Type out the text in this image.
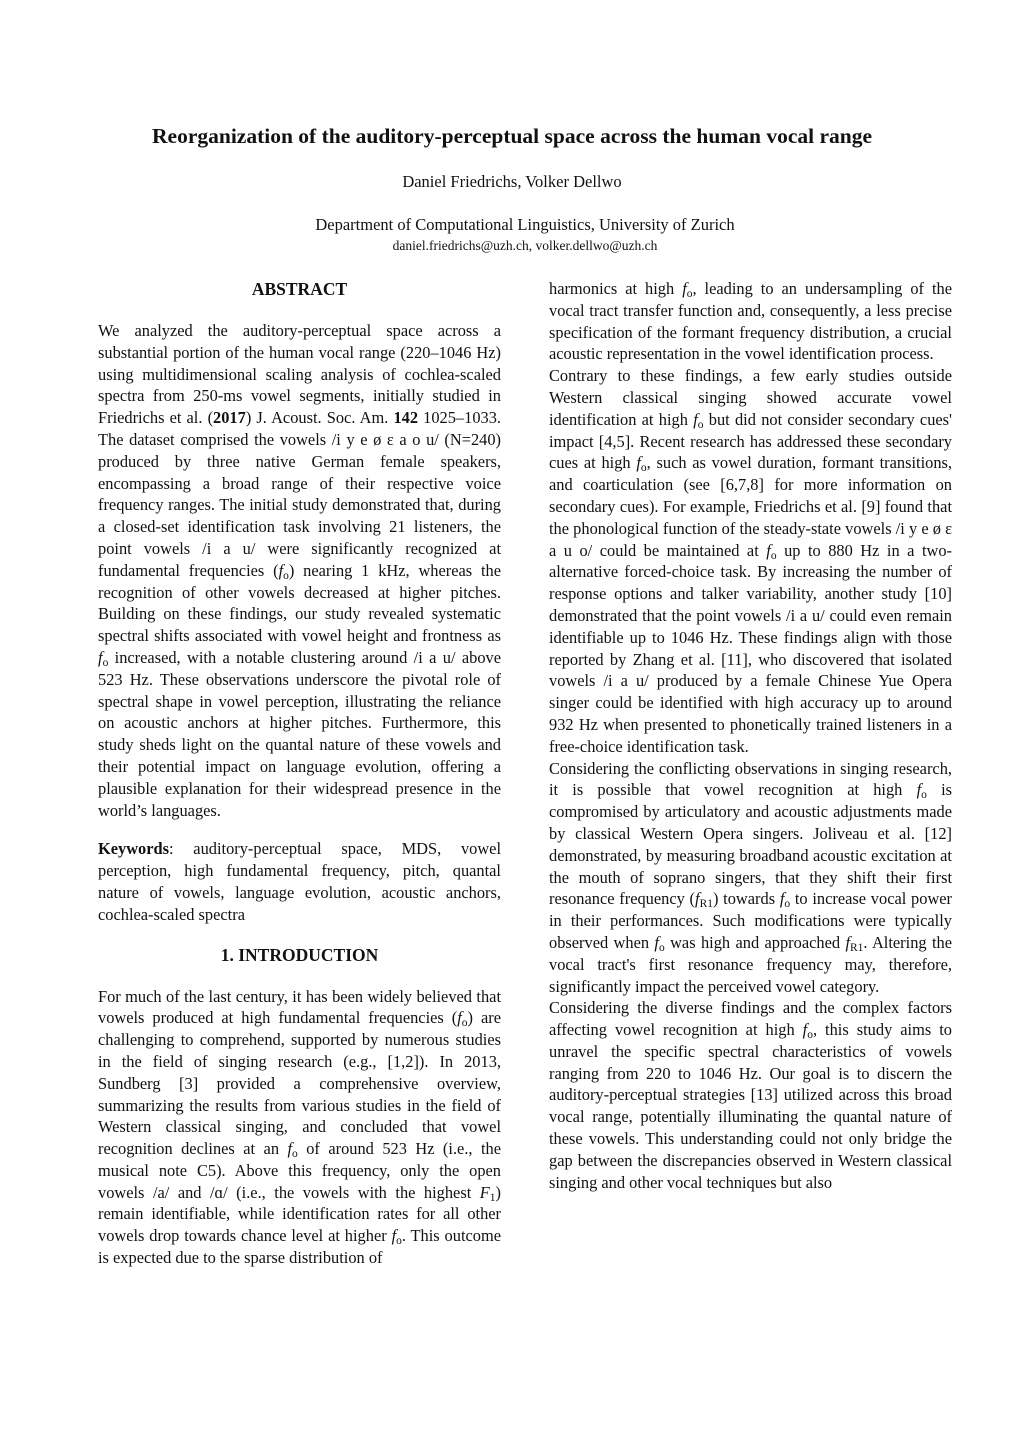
Reorganization of the auditory-perceptual space across the human vocal range
Daniel Friedrichs, Volker Dellwo
Department of Computational Linguistics, University of Zurich
daniel.friedrichs@uzh.ch, volker.dellwo@uzh.ch
ABSTRACT

We analyzed the auditory-perceptual space across a substantial portion of the human vocal range (220–1046 Hz) using multidimensional scaling analysis of cochlea-scaled spectra from 250-ms vowel segments, initially studied in Friedrichs et al. (2017) J. Acoust. Soc. Am. 142 1025–1033. The dataset comprised the vowels /i y e ø ɛ a o u/ (N=240) produced by three native German female speakers, encompassing a broad range of their respective voice frequency ranges. The initial study demonstrated that, during a closed-set identification task involving 21 listeners, the point vowels /i a u/ were significantly recognized at fundamental frequencies $(f_o)$ nearing 1 kHz, whereas the recognition of other vowels decreased at higher pitches. Building on these findings, our study revealed systematic spectral shifts associated with vowel height and frontness as $f_o$ increased, with a notable clustering around /i a u/ above 523 Hz. These observations underscore the pivotal role of spectral shape in vowel perception, illustrating the reliance on acoustic anchors at higher pitches. Furthermore, this study sheds light on the quantal nature of these vowels and their potential impact on language evolution, offering a plausible explanation for their widespread presence in the world’s languages.

Keywords: auditory-perceptual space, MDS, vowel perception, high fundamental frequency, pitch, quantal nature of vowels, language evolution, acoustic anchors, cochlea-scaled spectra

1. INTRODUCTION

For much of the last century, it has been widely believed that vowels produced at high fundamental frequencies $(f_o)$ are challenging to comprehend, supported by numerous studies in the field of singing research (e.g., [1,2]). In 2013, Sundberg [3] provided a comprehensive overview, summarizing the results from various studies in the field of Western classical singing, and concluded that vowel recognition declines at an $f_o$ of around 523 Hz (i.e., the musical note C5). Above this frequency, only the open vowels /a/ and /ɑ/ (i.e., the vowels with the highest $F_1$) remain identifiable, while identification rates for all other vowels drop towards chance level at higher $f_o$. This outcome is expected due to the sparse distribution of

harmonics at high $f_o$, leading to an undersampling of the vocal tract transfer function and, consequently, a less precise specification of the formant frequency distribution, a crucial acoustic representation in the vowel identification process.

Contrary to these findings, a few early studies outside Western classical singing showed accurate vowel identification at high $f_o$ but did not consider secondary cues' impact [4,5]. Recent research has addressed these secondary cues at high $f_o$, such as vowel duration, formant transitions, and coarticulation (see [6,7,8] for more information on secondary cues). For example, Friedrichs et al. [9] found that the phonological function of the steady-state vowels /i y e ø ɛ a u o/ could be maintained at $f_o$ up to 880 Hz in a two-alternative forced-choice task. By increasing the number of response options and talker variability, another study [10] demonstrated that the point vowels /i a u/ could even remain identifiable up to 1046 Hz. These findings align with those reported by Zhang et al. [11], who discovered that isolated vowels /i a u/ produced by a female Chinese Yue Opera singer could be identified with high accuracy up to around 932 Hz when presented to phonetically trained listeners in a free-choice identification task.

Considering the conflicting observations in singing research, it is possible that vowel recognition at high $f_o$ is compromised by articulatory and acoustic adjustments made by classical Western Opera singers. Joliveau et al. [12] demonstrated, by measuring broadband acoustic excitation at the mouth of soprano singers, that they shift their first resonance frequency $(f_{R1})$ towards $f_o$ to increase vocal power in their performances. Such modifications were typically observed when $f_o$ was high and approached $f_{R1}$. Altering the vocal tract's first resonance frequency may, therefore, significantly impact the perceived vowel category.

Considering the diverse findings and the complex factors affecting vowel recognition at high $f_o$, this study aims to unravel the specific spectral characteristics of vowels ranging from 220 to 1046 Hz. Our goal is to discern the auditory-perceptual strategies [13] utilized across this broad vocal range, potentially illuminating the quantal nature of these vowels. This understanding could not only bridge the gap between the discrepancies observed in Western classical singing and other vocal techniques but also
